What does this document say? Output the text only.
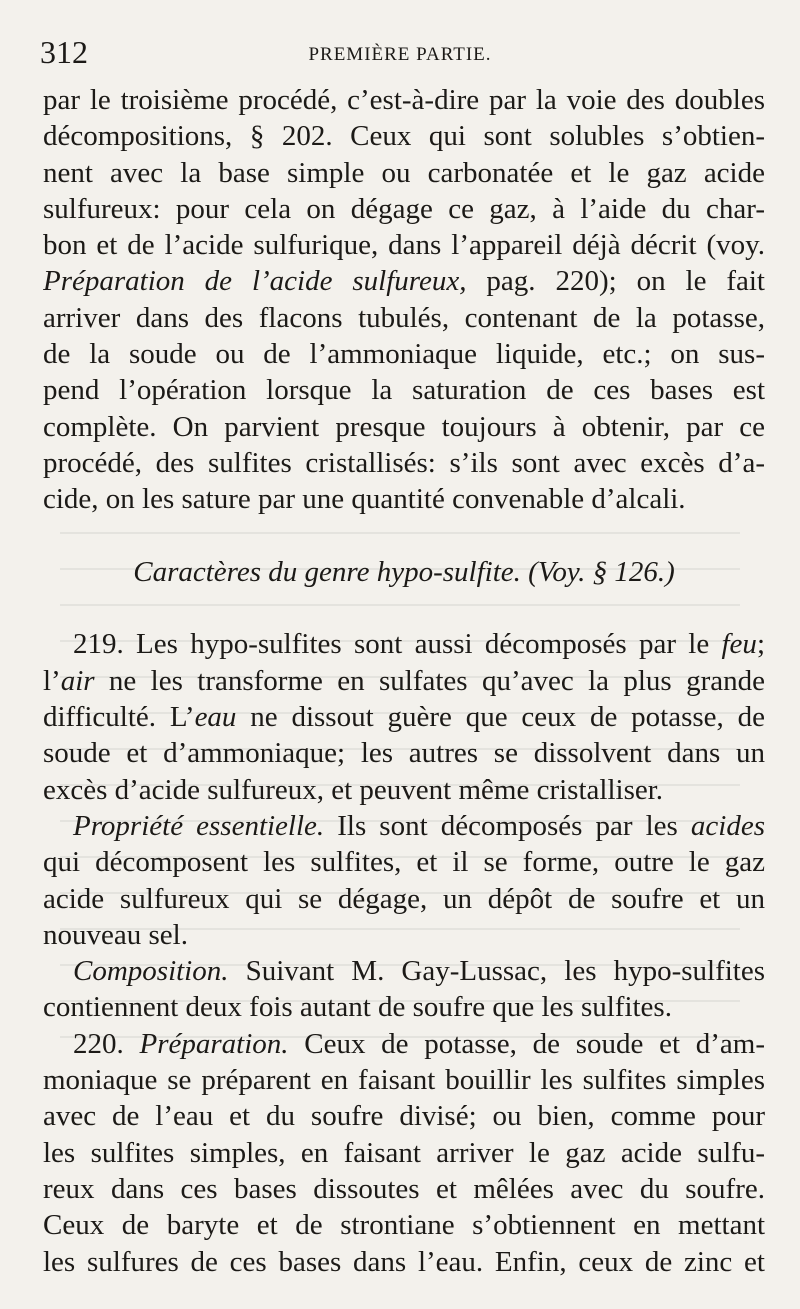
312	PREMIÈRE PARTIE.
par le troisième procédé, c’est-à-dire par la voie des doubles
décompositions, § 202. Ceux qui sont solubles s’obtien-
nent avec la base simple ou carbonatée et le gaz acide
sulfureux: pour cela on dégage ce gaz, à l’aide du char-
bon et de l’acide sulfurique, dans l’appareil déjà décrit (voy.
Préparation de l’acide sulfureux, pag. 220); on le fait
arriver dans des flacons tubulés, contenant de la potasse,
de la soude ou de l’ammoniaque liquide, etc.; on sus-
pend l’opération lorsque la saturation de ces bases est
complète. On parvient presque toujours à obtenir, par ce
procédé, des sulfites cristallisés: s’ils sont avec excès d’a-
cide, on les sature par une quantité convenable d’alcali.
Caractères du genre hypo-sulfite. (Voy. § 126.)
219. Les hypo-sulfites sont aussi décomposés par le feu;
l’air ne les transforme en sulfates qu’avec la plus grande
difficulté. L’eau ne dissout guère que ceux de potasse, de
soude et d’ammoniaque; les autres se dissolvent dans un
excès d’acide sulfureux, et peuvent même cristalliser.
Propriété essentielle. Ils sont décomposés par les acides
qui décomposent les sulfites, et il se forme, outre le gaz
acide sulfureux qui se dégage, un dépôt de soufre et un
nouveau sel.
Composition. Suivant M. Gay-Lussac, les hypo-sulfites
contiennent deux fois autant de soufre que les sulfites.
220. Préparation. Ceux de potasse, de soude et d’am-
moniaque se préparent en faisant bouillir les sulfites simples
avec de l’eau et du soufre divisé; ou bien, comme pour
les sulfites simples, en faisant arriver le gaz acide sulfu-
reux dans ces bases dissoutes et mêlées avec du soufre.
Ceux de baryte et de strontiane s’obtiennent en mettant
les sulfures de ces bases dans l’eau. Enfin, ceux de zinc et
